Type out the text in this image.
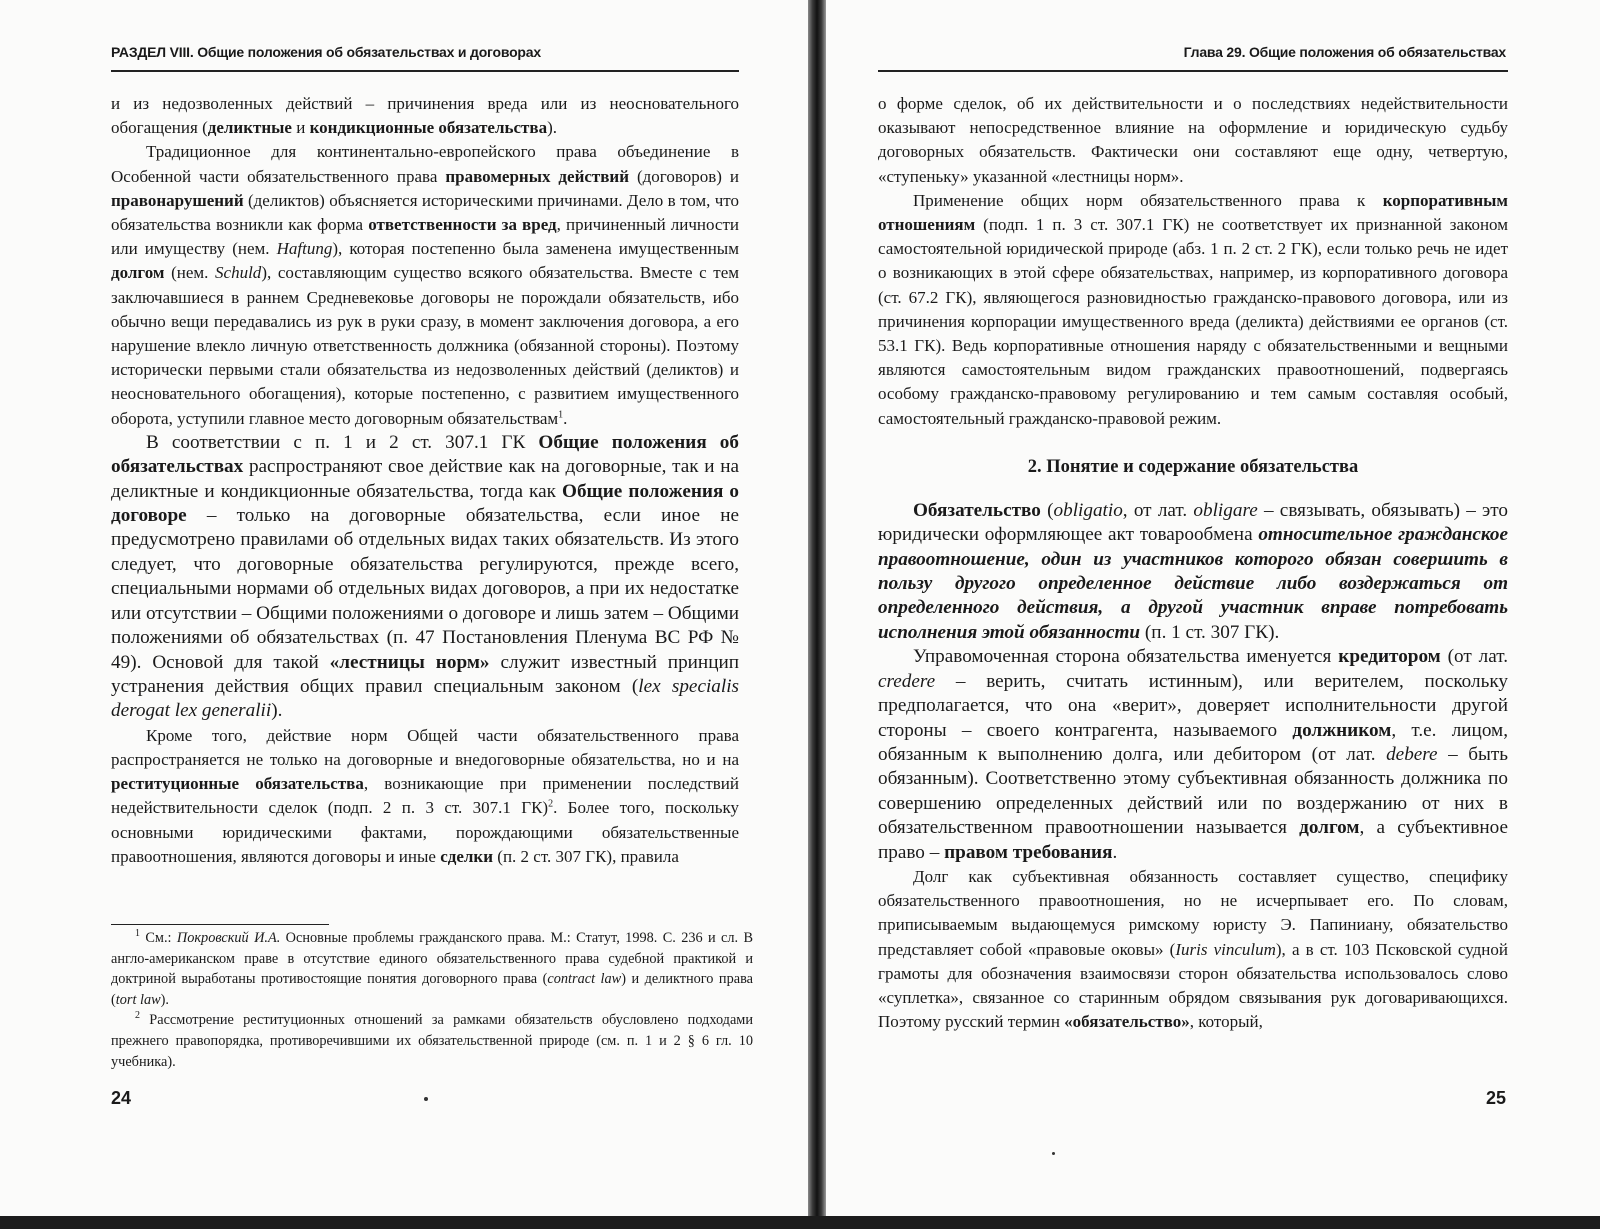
РАЗДЕЛ VIII. Общие положения об обязательствах и договорах

и из недозволенных действий – причинения вреда или из неосновательного обогащения (деликтные и кондикционные обязательства).

Традиционное для континентально-европейского права объединение в Особенной части обязательственного права правомерных действий (договоров) и правонарушений (деликтов) объясняется историческими причинами. Дело в том, что обязательства возникли как форма ответственности за вред, причиненный личности или имуществу (нем. Haftung), которая постепенно была заменена имущественным долгом (нем. Schuld), составляющим существо всякого обязательства. Вместе с тем заключавшиеся в раннем Средневековье договоры не порождали обязательств, ибо обычно вещи передавались из рук в руки сразу, в момент заключения договора, а его нарушение влекло личную ответственность должника (обязанной стороны). Поэтому исторически первыми стали обязательства из недозволенных действий (деликтов) и неосновательного обогащения), которые постепенно, с развитием имущественного оборота, уступили главное место договорным обязательствам$^1$.

В соответствии с п. 1 и 2 ст. 307.1 ГК Общие положения об обязательствах распространяют свое действие как на договорные, так и на деликтные и кондикционные обязательства, тогда как Общие положения о договоре – только на договорные обязательства, если иное не предусмотрено правилами об отдельных видах таких обязательств. Из этого следует, что договорные обязательства регулируются, прежде всего, специальными нормами об отдельных видах договоров, а при их недостатке или отсутствии – Общими положениями о договоре и лишь затем – Общими положениями об обязательствах (п. 47 Постановления Пленума ВС РФ № 49). Основой для такой «лестницы норм» служит известный принцип устранения действия общих правил специальным законом (lex specialis derogat lex generalii).

Кроме того, действие норм Общей части обязательственного права распространяется не только на договорные и внедоговорные обязательства, но и на реституционные обязательства, возникающие при применении последствий недействительности сделок (подп. 2 п. 3 ст. 307.1 ГК)$^2$. Более того, поскольку основными юридическими фактами, порождающими обязательственные правоотношения, являются договоры и иные сделки (п. 2 ст. 307 ГК), правила

$^1$ См.: Покровский И.А. Основные проблемы гражданского права. М.: Статут, 1998. С. 236 и сл. В англо-американском праве в отсутствие единого обязательственного права судебной практикой и доктриной выработаны противостоящие понятия договорного права (contract law) и деликтного права (tort law).

$^2$ Рассмотрение реституционных отношений за рамками обязательств обусловлено подходами прежнего правопорядка, противоречившими их обязательственной природе (см. п. 1 и 2 § 6 гл. 10 учебника).

24
Глава 29. Общие положения об обязательствах

о форме сделок, об их действительности и о последствиях недействительности оказывают непосредственное влияние на оформление и юридическую судьбу договорных обязательств. Фактически они составляют еще одну, четвертую, «ступеньку» указанной «лестницы норм».

Применение общих норм обязательственного права к корпоративным отношениям (подп. 1 п. 3 ст. 307.1 ГК) не соответствует их признанной законом самостоятельной юридической природе (абз. 1 п. 2 ст. 2 ГК), если только речь не идет о возникающих в этой сфере обязательствах, например, из корпоративного договора (ст. 67.2 ГК), являющегося разновидностью гражданско-правового договора, или из причинения корпорации имущественного вреда (деликта) действиями ее органов (ст. 53.1 ГК). Ведь корпоративные отношения наряду с обязательственными и вещными являются самостоятельным видом гражданских правоотношений, подвергаясь особому гражданско-правовому регулированию и тем самым составляя особый, самостоятельный гражданско-правовой режим.

2. Понятие и содержание обязательства

Обязательство (obligatio, от лат. obligare – связывать, обязывать) – это юридически оформляющее акт товарообмена относительное гражданское правоотношение, один из участников которого обязан совершить в пользу другого определенное действие либо воздержаться от определенного действия, а другой участник вправе потребовать исполнения этой обязанности (п. 1 ст. 307 ГК).

Управомоченная сторона обязательства именуется кредитором (от лат. credere – верить, считать истинным), или верителем, поскольку предполагается, что она «верит», доверяет исполнительности другой стороны – своего контрагента, называемого должником, т.е. лицом, обязанным к выполнению долга, или дебитором (от лат. debere – быть обязанным). Соответственно этому субъективная обязанность должника по совершению определенных действий или по воздержанию от них в обязательственном правоотношении называется долгом, а субъективное право – правом требования.

Долг как субъективная обязанность составляет существо, специфику обязательственного правоотношения, но не исчерпывает его. По словам, приписываемым выдающемуся римскому юристу Э. Папиниану, обязательство представляет собой «правовые оковы» (Iuris vinculum), а в ст. 103 Псковской судной грамоты для обозначения взаимосвязи сторон обязательства использовалось слово «суплетка», связанное со старинным обрядом связывания рук договаривающихся. Поэтому русский термин «обязательство», который,

25
